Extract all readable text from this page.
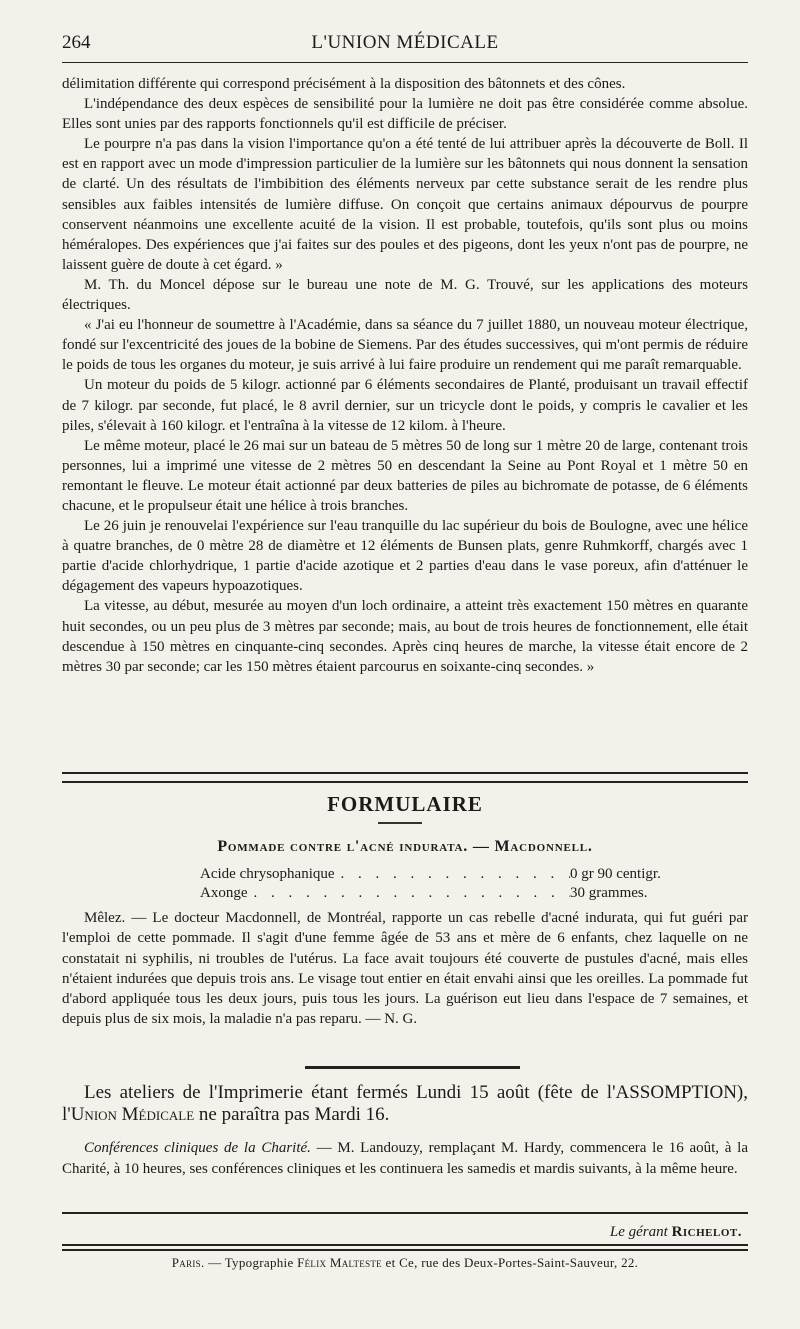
264	L'UNION MÉDICALE

délimitation différente qui correspond précisément à la disposition des bâtonnets et des cônes.

L'indépendance des deux espèces de sensibilité pour la lumière ne doit pas être considérée comme absolue. Elles sont unies par des rapports fonctionnels qu'il est difficile de préciser.

Le pourpre n'a pas dans la vision l'importance qu'on a été tenté de lui attribuer après la découverte de Boll. Il est en rapport avec un mode d'impression particulier de la lumière sur les bâtonnets qui nous donnent la sensation de clarté. Un des résultats de l'imbibition des éléments nerveux par cette substance serait de les rendre plus sensibles aux faibles intensités de lumière diffuse. On conçoit que certains animaux dépourvus de pourpre conservent néanmoins une excellente acuité de la vision. Il est probable, toutefois, qu'ils sont plus ou moins héméralopes. Des expériences que j'ai faites sur des poules et des pigeons, dont les yeux n'ont pas de pourpre, ne laissent guère de doute à cet égard. »

M. Th. du Moncel dépose sur le bureau une note de M. G. Trouvé, sur les applications des moteurs électriques.

« J'ai eu l'honneur de soumettre à l'Académie, dans sa séance du 7 juillet 1880, un nouveau moteur électrique, fondé sur l'excentricité des joues de la bobine de Siemens. Par des études successives, qui m'ont permis de réduire le poids de tous les organes du moteur, je suis arrivé à lui faire produire un rendement qui me paraît remarquable.

Un moteur du poids de 5 kilogr. actionné par 6 éléments secondaires de Planté, produisant un travail effectif de 7 kilogr. par seconde, fut placé, le 8 avril dernier, sur un tricycle dont le poids, y compris le cavalier et les piles, s'élevait à 160 kilogr. et l'entraîna à la vitesse de 12 kilom. à l'heure.

Le même moteur, placé le 26 mai sur un bateau de 5 mètres 50 de long sur 1 mètre 20 de large, contenant trois personnes, lui a imprimé une vitesse de 2 mètres 50 en descendant la Seine au Pont Royal et 1 mètre 50 en remontant le fleuve. Le moteur était actionné par deux batteries de piles au bichromate de potasse, de 6 éléments chacune, et le propulseur était une hélice à trois branches.

Le 26 juin je renouvelai l'expérience sur l'eau tranquille du lac supérieur du bois de Boulogne, avec une hélice à quatre branches, de 0 mètre 28 de diamètre et 12 éléments de Bunsen plats, genre Ruhmkorff, chargés avec 1 partie d'acide chlorhydrique, 1 partie d'acide azotique et 2 parties d'eau dans le vase poreux, afin d'atténuer le dégagement des vapeurs hypoazotiques.

La vitesse, au début, mesurée au moyen d'un loch ordinaire, a atteint très exactement 150 mètres en quarante huit secondes, ou un peu plus de 3 mètres par seconde; mais, au bout de trois heures de fonctionnement, elle était descendue à 150 mètres en cinquante-cinq secondes. Après cinq heures de marche, la vitesse était encore de 2 mètres 30 par seconde; car les 150 mètres étaient parcourus en soixante-cinq secondes. »

FORMULAIRE
Pommade contre l'acné indurata. — Macdonnell.
Acide chrysophanique . . .	0 gr 90 centigr.
Axonge . . .	30 grammes.

Mêlez. — Le docteur Macdonnell, de Montréal, rapporte un cas rebelle d'acné indurata, qui fut guéri par l'emploi de cette pommade. Il s'agit d'une femme âgée de 53 ans et mère de 6 enfants, chez laquelle on ne constatait ni syphilis, ni troubles de l'utérus. La face avait toujours été couverte de pustules d'acné, mais elles n'étaient indurées que depuis trois ans. Le visage tout entier en était envahi ainsi que les oreilles. La pommade fut d'abord appliquée tous les deux jours, puis tous les jours. La guérison eut lieu dans l'espace de 7 semaines, et depuis plus de six mois, la maladie n'a pas reparu. — N. G.

Les ateliers de l'Imprimerie étant fermés Lundi 15 août (fête de l'ASSOMPTION), l'Union Médicale ne paraîtra pas Mardi 16.

Conférences cliniques de la Charité. — M. Landouzy, remplaçant M. Hardy, commencera le 16 août, à la Charité, à 10 heures, ses conférences cliniques et les continuera les samedis et mardis suivants, à la même heure.

Le gérant Richelot.
Paris. — Typographie Félix Malteste et Ce, rue des Deux-Portes-Saint-Sauveur, 22.
